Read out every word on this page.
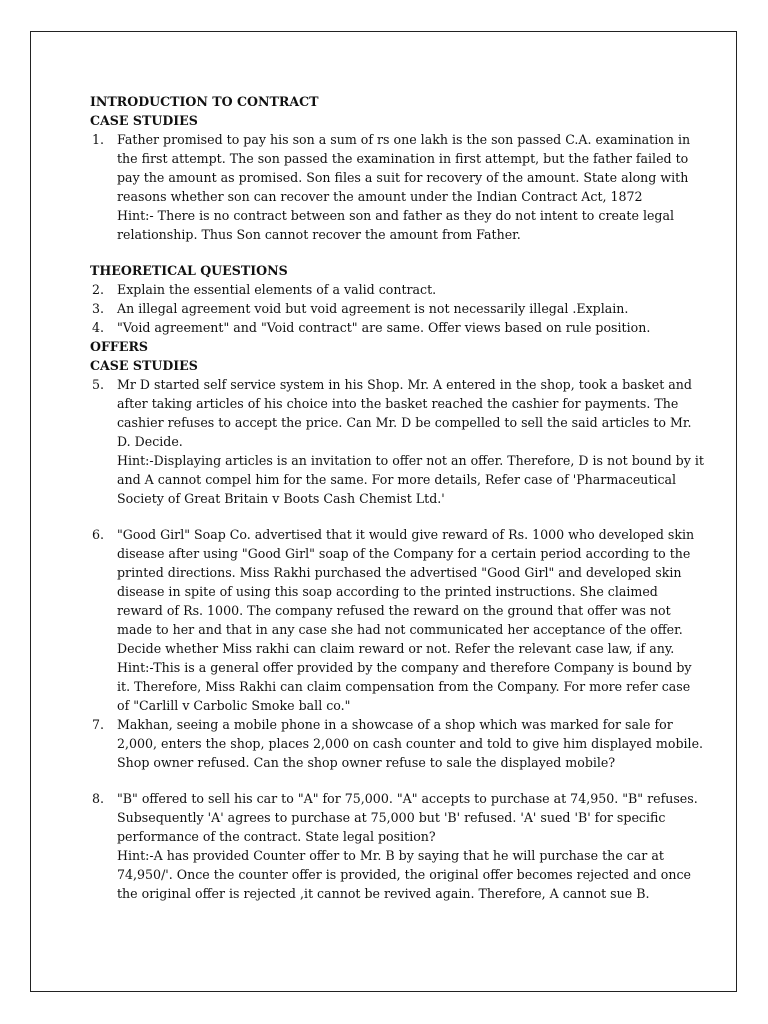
INTRODUCTION TO CONTRACT
CASE STUDIES
1.	Father promised to pay his son a sum of rs one lakh is the son passed C.A. examination in the first attempt. The son passed the examination in first attempt, but the father failed to pay the amount as promised. Son files a suit for recovery of the amount. State along with reasons whether son can recover the amount under the Indian Contract Act, 1872
Hint:- There is no contract between son and father as they do not intent to create legal relationship. Thus Son cannot recover the amount from Father.
THEORETICAL QUESTIONS
2.	Explain the essential elements of a valid contract.
3.	An illegal agreement void but void agreement is not necessarily illegal .Explain.
4.	"Void agreement" and "Void contract" are same. Offer views based on rule position.
OFFERS
CASE STUDIES
5.	Mr D started self service system in his Shop. Mr. A entered in the shop, took a basket and after taking articles of his choice into the basket reached the cashier for payments. The cashier refuses to accept the price. Can Mr. D be compelled to sell the said articles to Mr. D. Decide.
Hint:-Displaying articles is an invitation to offer not an offer. Therefore, D is not bound by it and A cannot compel him for the same. For more details, Refer case of 'Pharmaceutical Society of Great Britain v Boots Cash Chemist Ltd.'
6.	"Good Girl" Soap Co. advertised that it would give reward of Rs. 1000 who developed skin disease after using "Good Girl" soap of the Company for a certain period according to the printed directions. Miss Rakhi purchased the advertised "Good Girl" and developed skin disease in spite of using this soap according to the printed instructions. She claimed reward of Rs. 1000. The company refused the reward on the ground that offer was not made to her and that in any case she had not communicated her acceptance of the offer.
Decide whether Miss rakhi can claim reward or not. Refer the relevant case law, if any.
Hint:-This is a general offer provided by the company and therefore Company is bound by it. Therefore, Miss Rakhi can claim compensation from the Company. For more refer case of "Carlill v Carbolic Smoke ball co."
7.	Makhan, seeing a mobile phone in a showcase of a shop which was marked for sale for 2,000, enters the shop, places 2,000 on cash counter and told to give him displayed mobile. Shop owner refused. Can the shop owner refuse to sale the displayed mobile?
8.	"B" offered to sell his car to "A" for 75,000. "A" accepts to purchase at 74,950. "B" refuses. Subsequently 'A' agrees to purchase at 75,000 but 'B' refused. 'A' sued 'B' for specific performance of the contract. State legal position?
Hint:-A has provided Counter offer to Mr. B by saying that he will purchase the car at 74,950/'. Once the counter offer is provided, the original offer becomes rejected and once the original offer is rejected ,it cannot be revived again. Therefore, A cannot sue B.
